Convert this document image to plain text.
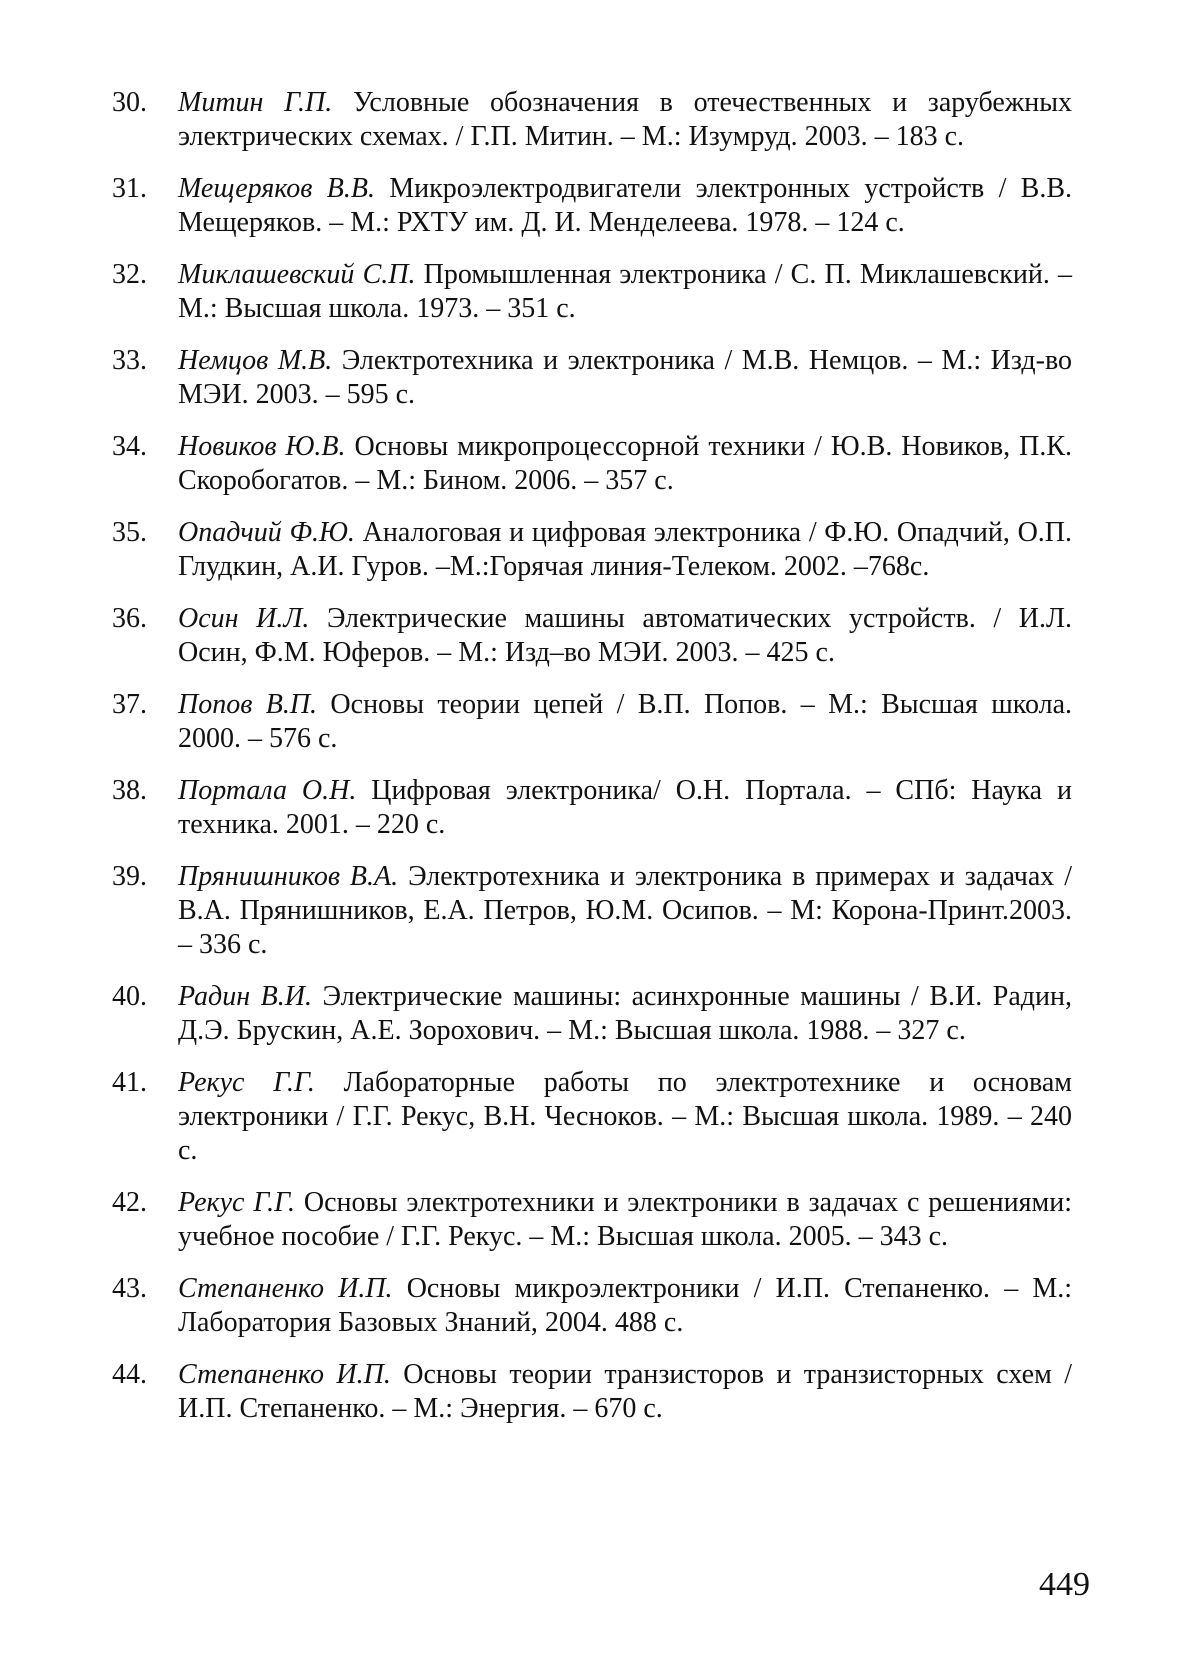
30.	Митин Г.П. Условные обозначения в отечественных и зарубежных электрических схемах. / Г.П. Митин. – М.: Изумруд. 2003. – 183 с.
31.	Мещеряков В.В. Микроэлектродвигатели электронных устройств / В.В. Мещеряков. – М.: РХТУ им. Д. И. Менделеева. 1978. – 124 с.
32.	Миклашевский С.П. Промышленная электроника / С. П. Миклашевский. – М.: Высшая школа. 1973. – 351 с.
33.	Немцов М.В. Электротехника и электроника / М.В. Немцов. – М.: Изд-во МЭИ. 2003. – 595 с.
34.	Новиков Ю.В. Основы микропроцессорной техники / Ю.В. Новиков, П.К. Скоробогатов. – М.: Бином. 2006. – 357 с.
35.	Опадчий Ф.Ю. Аналоговая и цифровая электроника / Ф.Ю. Опадчий, О.П. Глудкин, А.И. Гуров. –М.:Горячая линия-Телеком. 2002. –768с.
36.	Осин И.Л. Электрические машины автоматических устройств. / И.Л. Осин, Ф.М. Юферов. – М.: Изд–во МЭИ. 2003. – 425 с.
37.	Попов В.П. Основы теории цепей / В.П. Попов. – М.: Высшая школа. 2000. – 576 с.
38.	Портала О.Н. Цифровая электроника/ О.Н. Портала. – СПб: Наука и техника. 2001. – 220 с.
39.	Прянишников В.А. Электротехника и электроника в примерах и задачах / В.А. Прянишников, Е.А. Петров, Ю.М. Осипов. – М: Корона-Принт.2003. – 336 с.
40.	Радин В.И. Электрические машины: асинхронные машины / В.И. Радин, Д.Э. Брускин, А.Е. Зорохович. – М.: Высшая школа. 1988. – 327 с.
41.	Рекус Г.Г. Лабораторные работы по электротехнике и основам электроники / Г.Г. Рекус, В.Н. Чесноков. – М.: Высшая школа. 1989. – 240 с.
42.	Рекус Г.Г. Основы электротехники и электроники в задачах с решениями: учебное пособие / Г.Г. Рекус. – М.: Высшая школа. 2005. – 343 с.
43.	Степаненко И.П. Основы микроэлектроники / И.П. Степаненко. – М.: Лаборатория Базовых Знаний, 2004. 488 с.
44.	Степаненко И.П. Основы теории транзисторов и транзисторных схем / И.П. Степаненко. – М.: Энергия. – 670 с.
449
